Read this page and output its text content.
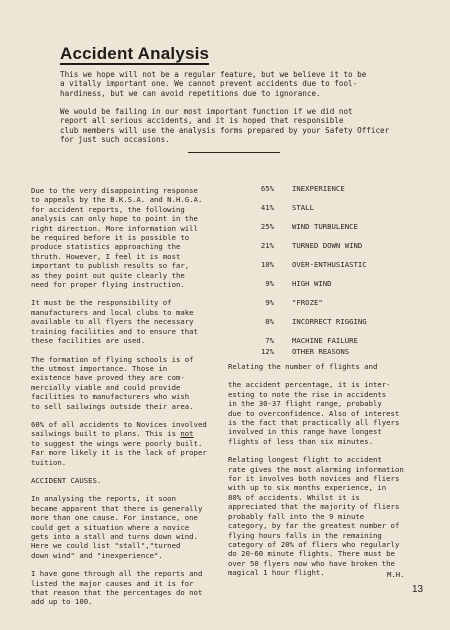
Accident Analysis

This we hope will not be a regular feature, but we believe it to be
a vitally important one. We cannot prevent accidents due to fool-
hardiness, but we can avoid repetitions due to ignorance.

We would be failing in our most important function if we did not
report all serious accidents, and it is hoped that responsible
club members will use the analysis forms prepared by your Safety Officer
for just such occasions.

Due to the very disappointing response
to appeals by the B.K.S.A. and N.H.G.A.
for accident reports, the following
analysis can only hope to point in the
right direction. More information will
be required before it is possible to
produce statistics approaching the
thruth. However, I feel it is most
important to publish results so far,
as they point out quite clearly the
need for proper flying instruction.

It must be the responsibility of
manufacturers and local clubs to make
available to all flyers the necessary
training facilities and to ensure that
these facilities are used.

The formation of flying schools is of
the utmost importance. Those in
existence have proved they are com-
mercially viable and could provide
facilities to manufacturers who wish
to sell sailwings outside their area.

60% of all accidents to Novices involved
sailwings built to plans. This is not
to suggest the wings were poorly built.
Far more likely it is the lack of proper
tuition.

ACCIDENT CAUSES.

In analysing the reports, it soon
became apparent that there is generally
more than one cause. For instance, one
could get a situation where a novice
gets into a stall and turns down wind.
Here we could list "stall","turned
down wind" and "inexperience".

I have gone through all the reports and
listed the major causes and it is for
that reason that the percentages do not
add up to 100.

65% INEXPERIENCE
41% STALL
25% WIND TURBULENCE
21% TURNED DOWN WIND
10% OVER-ENTHUSIASTIC
9% HIGH WIND
9% "FROZE"
8% INCORRECT RIGGING
7% MACHINE FAILURE
12% OTHER REASONS

Relating the number of flights and

the accident percentage, it is inter-
esting to note the rise in accidents
in the 30-37 flight range, probably
due to overconfidence. Also of interest
is the fact that practically all flyers
involved in this range have longest
flights of less than six minutes.

Relating longest flight to accident
rate gives the most alarming information
for it involves both novices and fliers
with up to six months experience, in
80% of accidents. Whilst it is
appreciated that the majority of fliers
probably fall into the 9 minute
category, by far the greatest number of
flying hours falls in the remaining
category of 20% of fliers who regularly
do 20-60 minute flights. There must be
over 50 flyers now who have broken the
magical 1 hour flight.	M.H.
13
